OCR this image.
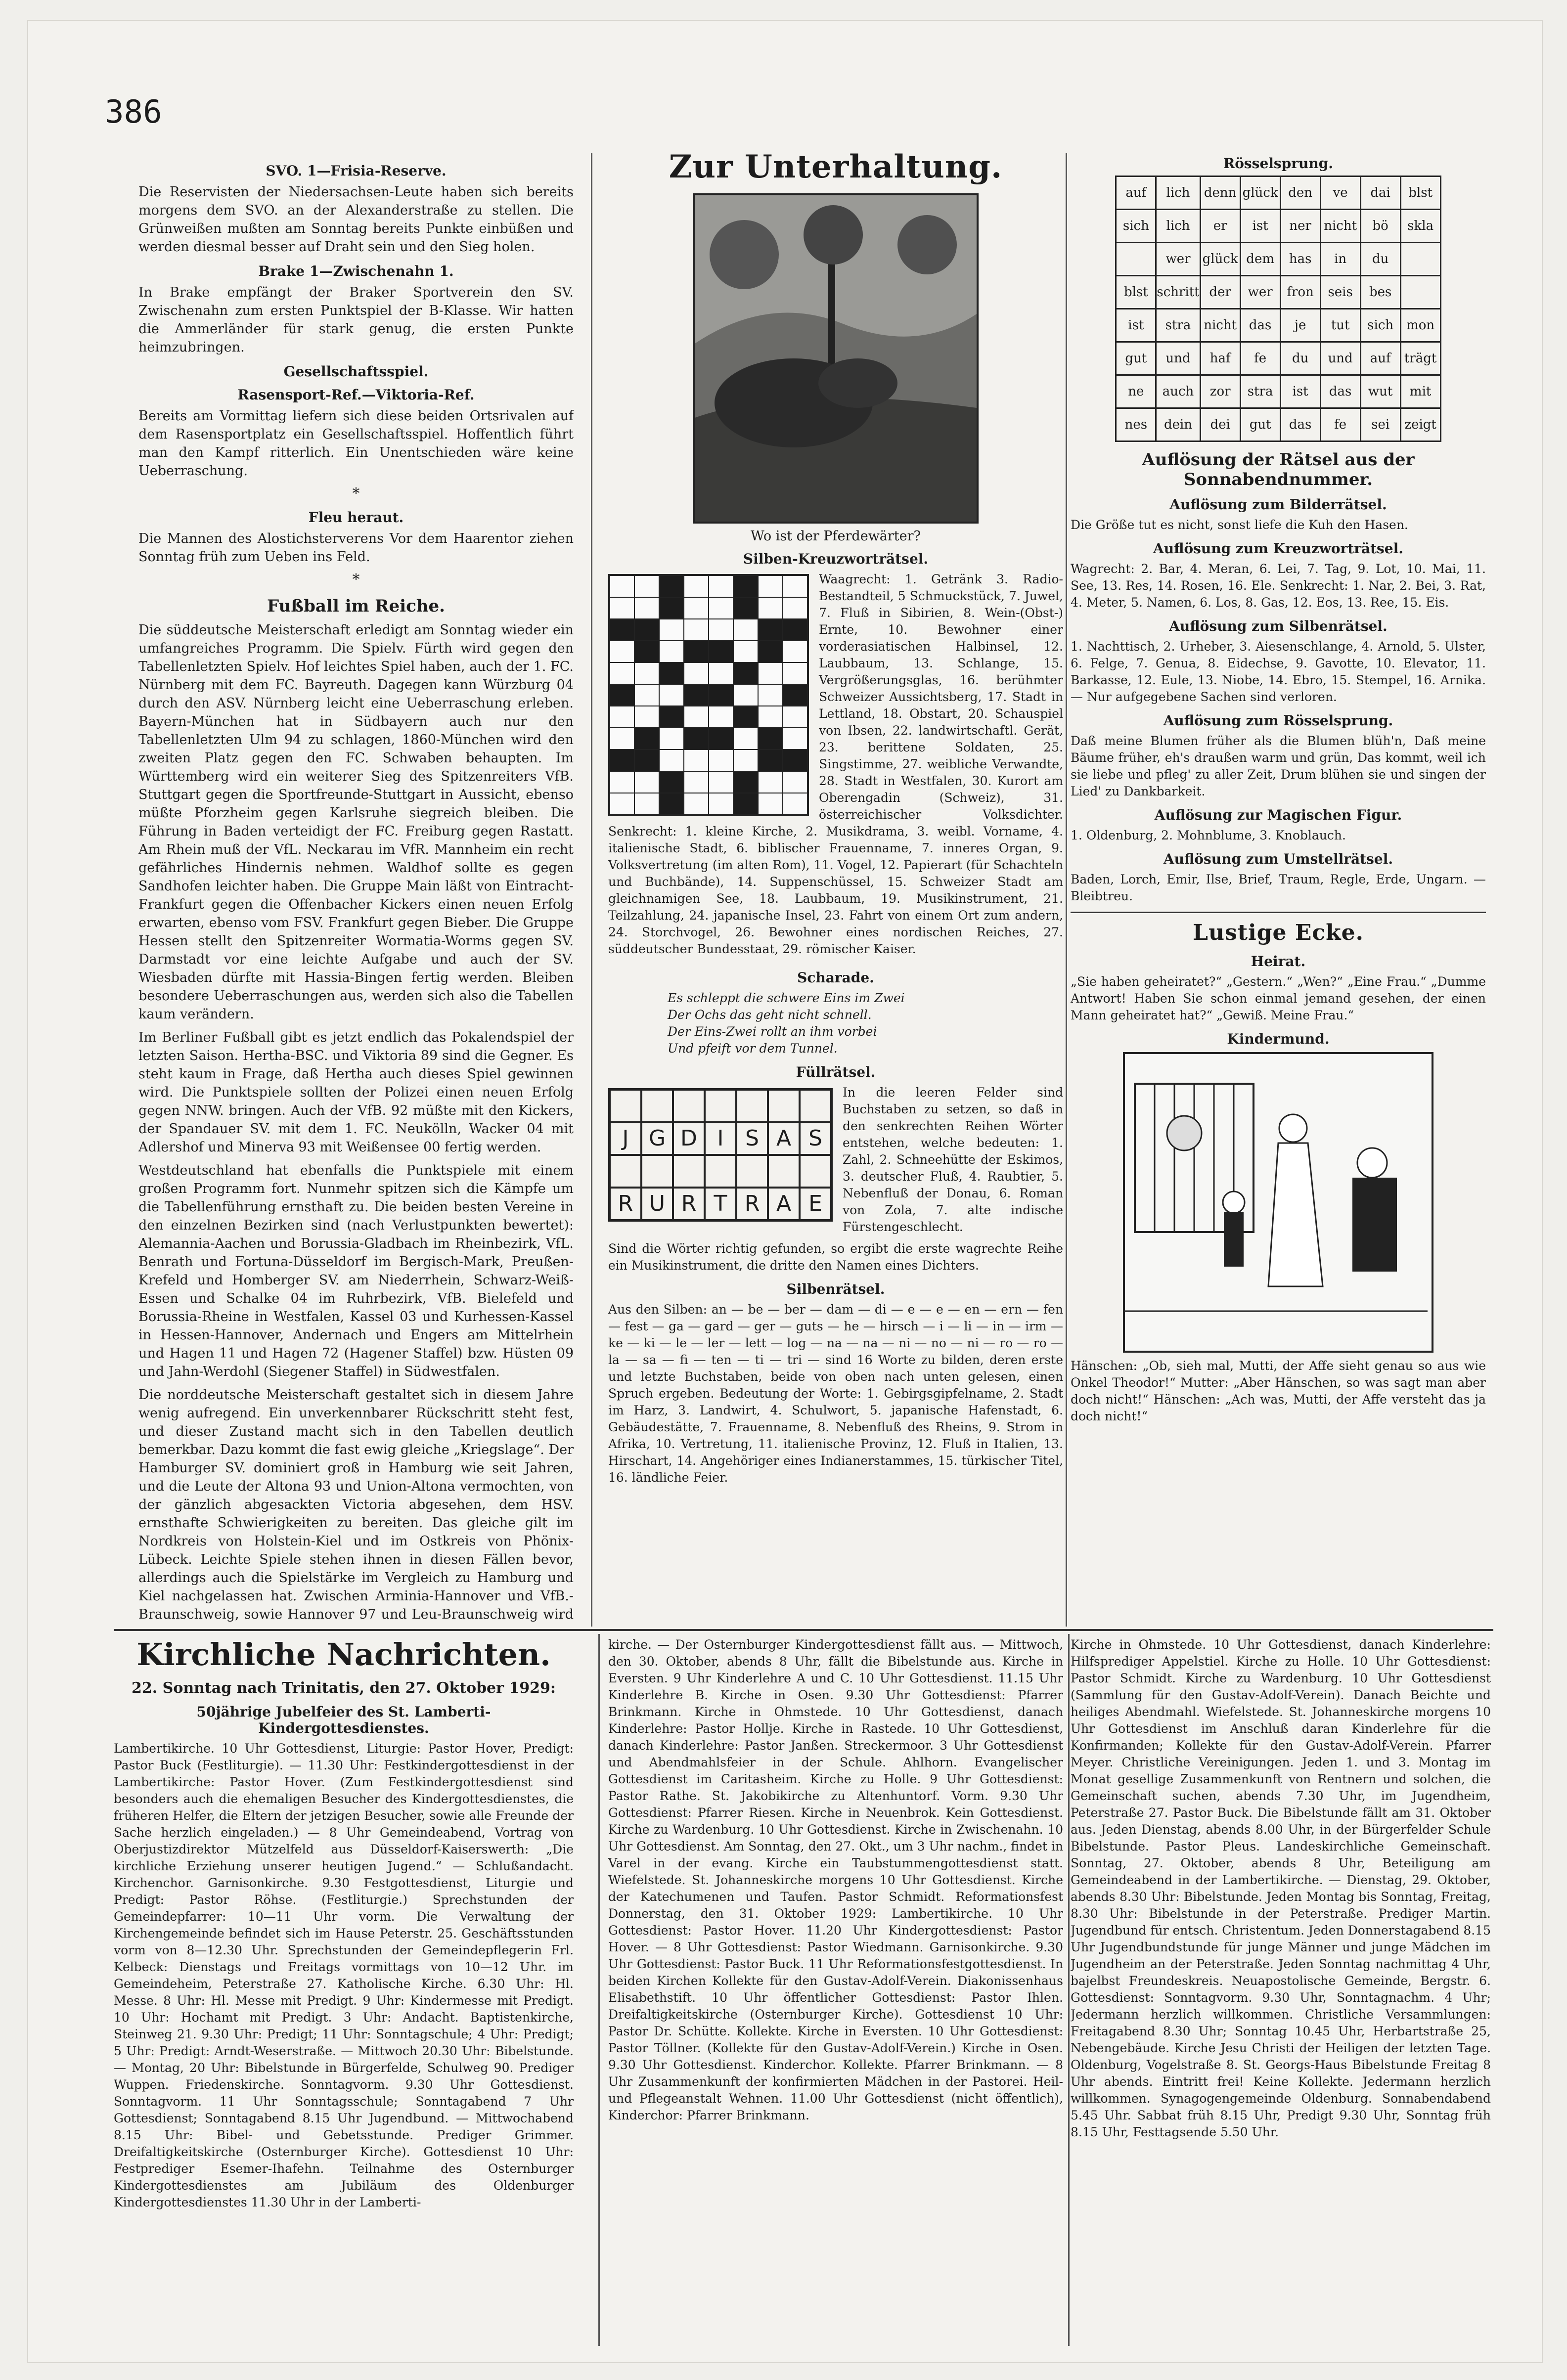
386
SVO. 1—Frisia-Reserve.

Die Reservisten der Niedersachsen-Leute haben sich bereits morgens dem SVO. an der Alexanderstraße zu stellen. Die Grünweißen mußten am Sonntag bereits Punkte einbüßen und werden diesmal besser auf Draht sein und den Sieg holen.

Brake 1—Zwischenahn 1.

In Brake empfängt der Braker Sportverein den SV. Zwischenahn zum ersten Punktspiel der B-Klasse. Wir hatten die Ammerländer für stark genug, die ersten Punkte heimzubringen.

Gesellschaftsspiel.
Rasensport-Ref.—Viktoria-Ref.

Bereits am Vormittag liefern sich diese beiden Ortsrivalen auf dem Rasensportplatz ein Gesellschaftsspiel. Hoffentlich führt man den Kampf ritterlich. Ein Unentschieden wäre keine Ueberraschung.

*
Fleu heraut.

Die Mannen des Alostichsterverens Vor dem Haarentor ziehen Sonntag früh zum Ueben ins Feld.

*
Fußball im Reiche.

Die süddeutsche Meisterschaft erledigt am Sonntag wieder ein umfangreiches Programm. Die Spielv. Fürth wird gegen den Tabellenletzten Spielv. Hof leichtes Spiel haben, auch der 1. FC. Nürnberg mit dem FC. Bayreuth. Dagegen kann Würzburg 04 durch den ASV. Nürnberg leicht eine Ueberraschung erleben. Bayern-München hat in Südbayern auch nur den Tabellenletzten Ulm 94 zu schlagen, 1860-München wird den zweiten Platz gegen den FC. Schwaben behaupten. Im Württemberg wird ein weiterer Sieg des Spitzenreiters VfB. Stuttgart gegen die Sportfreunde-Stuttgart in Aussicht, ebenso müßte Pforzheim gegen Karlsruhe siegreich bleiben. Die Führung in Baden verteidigt der FC. Freiburg gegen Rastatt. Am Rhein muß der VfL. Neckarau im VfR. Mannheim ein recht gefährliches Hindernis nehmen. Waldhof sollte es gegen Sandhofen leichter haben. Die Gruppe Main läßt von Eintracht-Frankfurt gegen die Offenbacher Kickers einen neuen Erfolg erwarten, ebenso vom FSV. Frankfurt gegen Bieber. Die Gruppe Hessen stellt den Spitzenreiter Wormatia-Worms gegen SV. Darmstadt vor eine leichte Aufgabe und auch der SV. Wiesbaden dürfte mit Hassia-Bingen fertig werden. Bleiben besondere Ueberraschungen aus, werden sich also die Tabellen kaum verändern.

Im Berliner Fußball gibt es jetzt endlich das Pokalendspiel der letzten Saison. Hertha-BSC. und Viktoria 89 sind die Gegner. Es steht kaum in Frage, daß Hertha auch dieses Spiel gewinnen wird. Die Punktspiele sollten der Polizei einen neuen Erfolg gegen NNW. bringen. Auch der VfB. 92 müßte mit den Kickers, der Spandauer SV. mit dem 1. FC. Neukölln, Wacker 04 mit Adlershof und Minerva 93 mit Weißensee 00 fertig werden.

Westdeutschland hat ebenfalls die Punktspiele mit einem großen Programm fort. Nunmehr spitzen sich die Kämpfe um die Tabellenführung ernsthaft zu. Die beiden besten Vereine in den einzelnen Bezirken sind (nach Verlustpunkten bewertet): Alemannia-Aachen und Borussia-Gladbach im Rheinbezirk, VfL. Benrath und Fortuna-Düsseldorf im Bergisch-Mark, Preußen-Krefeld und Homberger SV. am Niederrhein, Schwarz-Weiß-Essen und Schalke 04 im Ruhrbezirk, VfB. Bielefeld und Borussia-Rheine in Westfalen, Kassel 03 und Kurhessen-Kassel in Hessen-Hannover, Andernach und Engers am Mittelrhein und Hagen 11 und Hagen 72 (Hagener Staffel) bzw. Hüsten 09 und Jahn-Werdohl (Siegener Staffel) in Südwestfalen.

Die norddeutsche Meisterschaft gestaltet sich in diesem Jahre wenig aufregend. Ein unverkennbarer Rückschritt steht fest, und dieser Zustand macht sich in den Tabellen deutlich bemerkbar. Dazu kommt die fast ewig gleiche „Kriegslage“. Der Hamburger SV. dominiert groß in Hamburg wie seit Jahren, und die Leute der Altona 93 und Union-Altona vermochten, von der gänzlich abgesackten Victoria abgesehen, dem HSV. ernsthafte Schwierigkeiten zu bereiten. Das gleiche gilt im Nordkreis von Holstein-Kiel und im Ostkreis von Phönix-Lübeck. Leichte Spiele stehen ihnen in diesen Fällen bevor, allerdings auch die Spielstärke im Vergleich zu Hamburg und Kiel nachgelassen hat. Zwischen Arminia-Hannover und VfB.-Braunschweig, sowie Hannover 97 und Leu-Braunschweig wird

Zur Unterhaltung.
Wo ist der Pferdewärter?
Silben-Kreuzworträtsel.

Waagrecht: 1. Getränk 3. Radio-Bestandteil, 5 Schmuckstück, 7. Juwel, 7. Fluß in Sibirien, 8. Wein-(Obst-) Ernte, 10. Bewohner einer vorderasiatischen Halbinsel, 12. Laubbaum, 13. Schlange, 15. Vergrößerungsglas, 16. berühmter Schweizer Aussichtsberg, 17. Stadt in Lettland, 18. Obstart, 20. Schauspiel von Ibsen, 22. landwirtschaftl. Gerät, 23. berittene Soldaten, 25. Singstimme, 27. weibliche Verwandte, 28. Stadt in Westfalen, 30. Kurort am Oberengadin (Schweiz), 31. österreichischer Volksdichter. Senkrecht: 1. kleine Kirche, 2. Musikdrama, 3. weibl. Vorname, 4. italienische Stadt, 6. biblischer Frauenname, 7. inneres Organ, 9. Volksvertretung (im alten Rom), 11. Vogel, 12. Papierart (für Schachteln und Buchbände), 14. Suppenschüssel, 15. Schweizer Stadt am gleichnamigen See, 18. Laubbaum, 19. Musikinstrument, 21. Teilzahlung, 24. japanische Insel, 23. Fahrt von einem Ort zum andern, 24. Storchvogel, 26. Bewohner eines nordischen Reiches, 27. süddeutscher Bundesstaat, 29. römischer Kaiser.

Scharade.
Es schleppt die schwere Eins im Zwei
Der Ochs das geht nicht schnell.
Der Eins-Zwei rollt an ihm vorbei
Und pfeift vor dem Tunnel.
Füllrätsel.
J G D I S A S
R U R T R A E

In die leeren Felder sind Buchstaben zu setzen, so daß in den senkrechten Reihen Wörter entstehen, welche bedeuten: 1. Zahl, 2. Schneehütte der Eskimos, 3. deutscher Fluß, 4. Raubtier, 5. Nebenfluß der Donau, 6. Roman von Zola, 7. alte indische Fürstengeschlecht.

Sind die Wörter richtig gefunden, so ergibt die erste wagrechte Reihe ein Musikinstrument, die dritte den Namen eines Dichters.

Silbenrätsel.

Aus den Silben: an — be — ber — dam — di — e — e — en — ern — fen — fest — ga — gard — ger — guts — he — hirsch — i — li — in — irm — ke — ki — le — ler — lett — log — na — na — ni — no — ni — ro — ro — la — sa — fi — ten — ti — tri — sind 16 Worte zu bilden, deren erste und letzte Buchstaben, beide von oben nach unten gelesen, einen Spruch ergeben. Bedeutung der Worte: 1. Gebirgsgipfelname, 2. Stadt im Harz, 3. Landwirt, 4. Schulwort, 5. japanische Hafenstadt, 6. Gebäudestätte, 7. Frauenname, 8. Nebenfluß des Rheins, 9. Strom in Afrika, 10. Vertretung, 11. italienische Provinz, 12. Fluß in Italien, 13. Hirschart, 14. Angehöriger eines Indianerstammes, 15. türkischer Titel, 16. ländliche Feier.

Rösselsprung.
auf	lich	denn	glück	den	ve	dai	blst
sich	lich	er	ist	ner	nicht	bö	skla
	wer	glück	dem	has	in	du	
blst	schritt	der	wer	fron	seis	bes	
ist	stra	nicht	das	je	tut	sich	mon
gut	und	haf	fe	du	und	auf	trägt
ne	auch	zor	stra	ist	das	wut	mit
nes	dein	dei	gut	das	fe	sei	zeigt
Auflösung der Rätsel aus der Sonnabendnummer.
Auflösung zum Bilderrätsel.

Die Größe tut es nicht, sonst liefe die Kuh den Hasen.

Auflösung zum Kreuzworträtsel.

Wagrecht: 2. Bar, 4. Meran, 6. Lei, 7. Tag, 9. Lot, 10. Mai, 11. See, 13. Res, 14. Rosen, 16. Ele. Senkrecht: 1. Nar, 2. Bei, 3. Rat, 4. Meter, 5. Namen, 6. Los, 8. Gas, 12. Eos, 13. Ree, 15. Eis.

Auflösung zum Silbenrätsel.

1. Nachttisch, 2. Urheber, 3. Aiesenschlange, 4. Arnold, 5. Ulster, 6. Felge, 7. Genua, 8. Eidechse, 9. Gavotte, 10. Elevator, 11. Barkasse, 12. Eule, 13. Niobe, 14. Ebro, 15. Stempel, 16. Arnika. — Nur aufgegebene Sachen sind verloren.

Auflösung zum Rösselsprung.

Daß meine Blumen früher als die Blumen blüh'n, Daß meine Bäume früher, eh's draußen warm und grün, Das kommt, weil ich sie liebe und pfleg' zu aller Zeit, Drum blühen sie und singen der Lied' zu Dankbarkeit.

Auflösung zur Magischen Figur.

1. Oldenburg, 2. Mohnblume, 3. Knoblauch.

Auflösung zum Umstellrätsel.

Baden, Lorch, Emir, Ilse, Brief, Traum, Regle, Erde, Ungarn. — Bleibtreu.

Lustige Ecke.
Heirat.

„Sie haben geheiratet?“ „Gestern.“ „Wen?“ „Eine Frau.“ „Dumme Antwort! Haben Sie schon einmal jemand gesehen, der einen Mann geheiratet hat?“ „Gewiß. Meine Frau.“

Kindermund.

Hänschen: „Ob, sieh mal, Mutti, der Affe sieht genau so aus wie Onkel Theodor!“ Mutter: „Aber Hänschen, so was sagt man aber doch nicht!“ Hänschen: „Ach was, Mutti, der Affe versteht das ja doch nicht!“

Kirchliche Nachrichten.
22. Sonntag nach Trinitatis, den 27. Oktober 1929:
50jährige Jubelfeier des St. Lamberti-Kindergottesdienstes.

Lambertikirche. 10 Uhr Gottesdienst, Liturgie: Pastor Hover, Predigt: Pastor Buck (Festliturgie). — 11.30 Uhr: Festkindergottesdienst in der Lambertikirche: Pastor Hover. (Zum Festkindergottesdienst sind besonders auch die ehemaligen Besucher des Kindergottesdienstes, die früheren Helfer, die Eltern der jetzigen Besucher, sowie alle Freunde der Sache herzlich eingeladen.) — 8 Uhr Gemeindeabend, Vortrag von Oberjustizdirektor Mützelfeld aus Düsseldorf-Kaiserswerth: „Die kirchliche Erziehung unserer heutigen Jugend.“ — Schlußandacht. Kirchenchor. Garnisonkirche. 9.30 Festgottesdienst, Liturgie und Predigt: Pastor Röhse. (Festliturgie.) Sprechstunden der Gemeindepfarrer: 10—11 Uhr vorm. Die Verwaltung der Kirchengemeinde befindet sich im Hause Peterstr. 25. Geschäftsstunden vorm von 8—12.30 Uhr. Sprechstunden der Gemeindepflegerin Frl. Kelbeck: Dienstags und Freitags vormittags von 10—12 Uhr. im Gemeindeheim, Peterstraße 27. Katholische Kirche. 6.30 Uhr: Hl. Messe. 8 Uhr: Hl. Messe mit Predigt. 9 Uhr: Kindermesse mit Predigt. 10 Uhr: Hochamt mit Predigt. 3 Uhr: Andacht. Baptistenkirche, Steinweg 21. 9.30 Uhr: Predigt; 11 Uhr: Sonntagschule; 4 Uhr: Predigt; 5 Uhr: Predigt: Arndt-Weserstraße. — Mittwoch 20.30 Uhr: Bibelstunde. — Montag, 20 Uhr: Bibelstunde in Bürgerfelde, Schulweg 90. Prediger Wuppen. Friedenskirche. Sonntagvorm. 9.30 Uhr Gottesdienst. Sonntagvorm. 11 Uhr Sonntagsschule; Sonntagabend 7 Uhr Gottesdienst; Sonntagabend 8.15 Uhr Jugendbund. — Mittwochabend 8.15 Uhr: Bibel- und Gebetsstunde. Prediger Grimmer. Dreifaltigkeitskirche (Osternburger Kirche). Gottesdienst 10 Uhr: Festprediger Esemer-Ihafehn. Teilnahme des Osternburger Kindergottesdienstes am Jubiläum des Oldenburger Kindergottesdienstes 11.30 Uhr in der Lamberti-

kirche. — Der Osternburger Kindergottesdienst fällt aus. — Mittwoch, den 30. Oktober, abends 8 Uhr, fällt die Bibelstunde aus. Kirche in Eversten. 9 Uhr Kinderlehre A und C. 10 Uhr Gottesdienst. 11.15 Uhr Kinderlehre B. Kirche in Osen. 9.30 Uhr Gottesdienst: Pfarrer Brinkmann. Kirche in Ohmstede. 10 Uhr Gottesdienst, danach Kinderlehre: Pastor Hollje. Kirche in Rastede. 10 Uhr Gottesdienst, danach Kinderlehre: Pastor Janßen. Streckermoor. 3 Uhr Gottesdienst und Abendmahlsfeier in der Schule. Ahlhorn. Evangelischer Gottesdienst im Caritasheim. Kirche zu Holle. 9 Uhr Gottesdienst: Pastor Rathe. St. Jakobikirche zu Altenhuntorf. Vorm. 9.30 Uhr Gottesdienst: Pfarrer Riesen. Kirche in Neuenbrok. Kein Gottesdienst. Kirche zu Wardenburg. 10 Uhr Gottesdienst. Kirche in Zwischenahn. 10 Uhr Gottesdienst. Am Sonntag, den 27. Okt., um 3 Uhr nachm., findet in Varel in der evang. Kirche ein Taubstummengottesdienst statt. Wiefelstede. St. Johanneskirche morgens 10 Uhr Gottesdienst. Kirche der Katechumenen und Taufen. Pastor Schmidt. Reformationsfest Donnerstag, den 31. Oktober 1929: Lambertikirche. 10 Uhr Gottesdienst: Pastor Hover. 11.20 Uhr Kindergottesdienst: Pastor Hover. — 8 Uhr Gottesdienst: Pastor Wiedmann. Garnisonkirche. 9.30 Uhr Gottesdienst: Pastor Buck. 11 Uhr Reformationsfestgottesdienst. In beiden Kirchen Kollekte für den Gustav-Adolf-Verein. Diakonissenhaus Elisabethstift. 10 Uhr öffentlicher Gottesdienst: Pastor Ihlen. Dreifaltigkeitskirche (Osternburger Kirche). Gottesdienst 10 Uhr: Pastor Dr. Schütte. Kollekte. Kirche in Eversten. 10 Uhr Gottesdienst: Pastor Töllner. (Kollekte für den Gustav-Adolf-Verein.) Kirche in Osen. 9.30 Uhr Gottesdienst. Kinderchor. Kollekte. Pfarrer Brinkmann. — 8 Uhr Zusammenkunft der konfirmierten Mädchen in der Pastorei. Heil- und Pflegeanstalt Wehnen. 11.00 Uhr Gottesdienst (nicht öffentlich), Kinderchor: Pfarrer Brinkmann.

Kirche in Ohmstede. 10 Uhr Gottesdienst, danach Kinderlehre: Hilfsprediger Appelstiel. Kirche zu Holle. 10 Uhr Gottesdienst: Pastor Schmidt. Kirche zu Wardenburg. 10 Uhr Gottesdienst (Sammlung für den Gustav-Adolf-Verein). Danach Beichte und heiliges Abendmahl. Wiefelstede. St. Johanneskirche morgens 10 Uhr Gottesdienst im Anschluß daran Kinderlehre für die Konfirmanden; Kollekte für den Gustav-Adolf-Verein. Pfarrer Meyer. Christliche Vereinigungen. Jeden 1. und 3. Montag im Monat gesellige Zusammenkunft von Rentnern und solchen, die Gemeinschaft suchen, abends 7.30 Uhr, im Jugendheim, Peterstraße 27. Pastor Buck. Die Bibelstunde fällt am 31. Oktober aus. Jeden Dienstag, abends 8.00 Uhr, in der Bürgerfelder Schule Bibelstunde. Pastor Pleus. Landeskirchliche Gemeinschaft. Sonntag, 27. Oktober, abends 8 Uhr, Beteiligung am Gemeindeabend in der Lambertikirche. — Dienstag, 29. Oktober, abends 8.30 Uhr: Bibelstunde. Jeden Montag bis Sonntag, Freitag, 8.30 Uhr: Bibelstunde in der Peterstraße. Prediger Martin. Jugendbund für entsch. Christentum. Jeden Donnerstagabend 8.15 Uhr Jugendbundstunde für junge Männer und junge Mädchen im Jugendheim an der Peterstraße. Jeden Sonntag nachmittag 4 Uhr, bajelbst Freundeskreis. Neuapostolische Gemeinde, Bergstr. 6. Gottesdienst: Sonntagvorm. 9.30 Uhr, Sonntagnachm. 4 Uhr; Jedermann herzlich willkommen. Christliche Versammlungen: Freitagabend 8.30 Uhr; Sonntag 10.45 Uhr, Herbartstraße 25, Nebengebäude. Kirche Jesu Christi der Heiligen der letzten Tage. Oldenburg, Vogelstraße 8. St. Georgs-Haus Bibelstunde Freitag 8 Uhr abends. Eintritt frei! Keine Kollekte. Jedermann herzlich willkommen. Synagogengemeinde Oldenburg. Sonnabendabend 5.45 Uhr. Sabbat früh 8.15 Uhr, Predigt 9.30 Uhr, Sonntag früh 8.15 Uhr, Festtagsende 5.50 Uhr.
